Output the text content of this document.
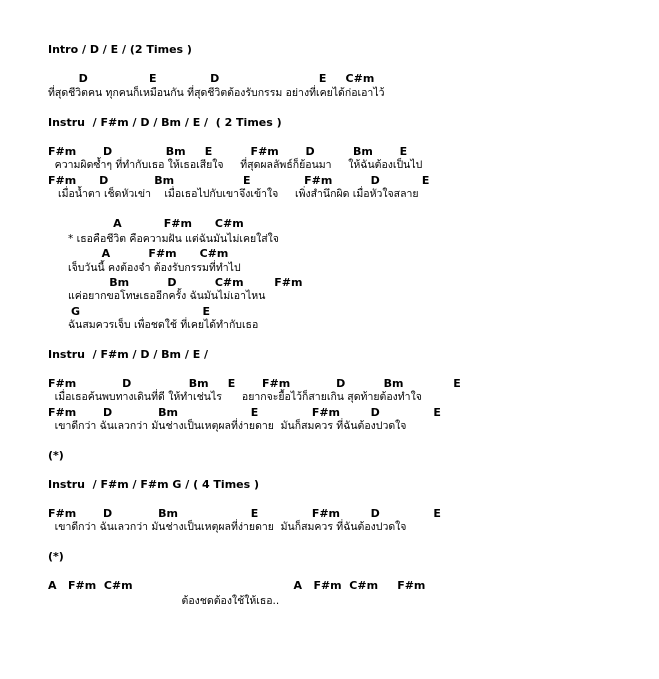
Intro / D / E / (2 Times )
D                E              D                          E     C#m
ที่สุดชีวิตคน ทุกคนก็เหมือนกัน ที่สุดชีวิตต้องรับกรรม อย่างที่เคยได้ก่อเอาไว้
Instru  / F#m / D / Bm / E /  ( 2 Times )
F#m       D              Bm     E          F#m       D          Bm       E
ความผิดซ้ำๆ ที่ทำกับเธอ ให้เธอเสียใจ     ที่สุดผลลัพธ์ก็ย้อนมา     ให้ฉันต้องเป็นไป
F#m      D            Bm                  E              F#m          D           E
เมื่อน้ำตา เช็ดหัวเข่า    เมื่อเธอไปกับเขาจึงเข้าใจ     เพิ่งสำนึกผิด เมื่อหัวใจสลาย
A           F#m      C#m
* เธอคือชีวิต คือความฝัน แต่ฉันมันไม่เคยใส่ใจ
A          F#m      C#m
เจ็บวันนี้ คงต้องจำ ต้องรับกรรมที่ทำไป
Bm          D          C#m        F#m
แค่อยากขอโทษเธออีกครั้ง ฉันมันไม่เอาไหน
G                                E
ฉันสมควรเจ็บ เพื่อชดใช้ ที่เคยได้ทำกับเธอ
Instru  / F#m / D / Bm / E /
F#m            D               Bm     E       F#m            D          Bm             E
เมื่อเธอค้นพบทางเดินที่ดี ให้ทำเช่นไร      อยากจะยื้อไว้ก็สายเกิน สุดท้ายต้องทำใจ
F#m       D            Bm                   E              F#m        D              E
เขาดีกว่า ฉันเลวกว่า มันช่างเป็นเหตุผลที่ง่ายดาย  มันก็สมควร ที่ฉันต้องปวดใจ
(*)
Instru  / F#m / F#m G / ( 4 Times )
F#m       D            Bm                   E              F#m        D              E
เขาดีกว่า ฉันเลวกว่า มันช่างเป็นเหตุผลที่ง่ายดาย  มันก็สมควร ที่ฉันต้องปวดใจ
(*)
A   F#m  C#m                                          A   F#m  C#m     F#m
ต้องชดต้องใช้ให้เธอ..
